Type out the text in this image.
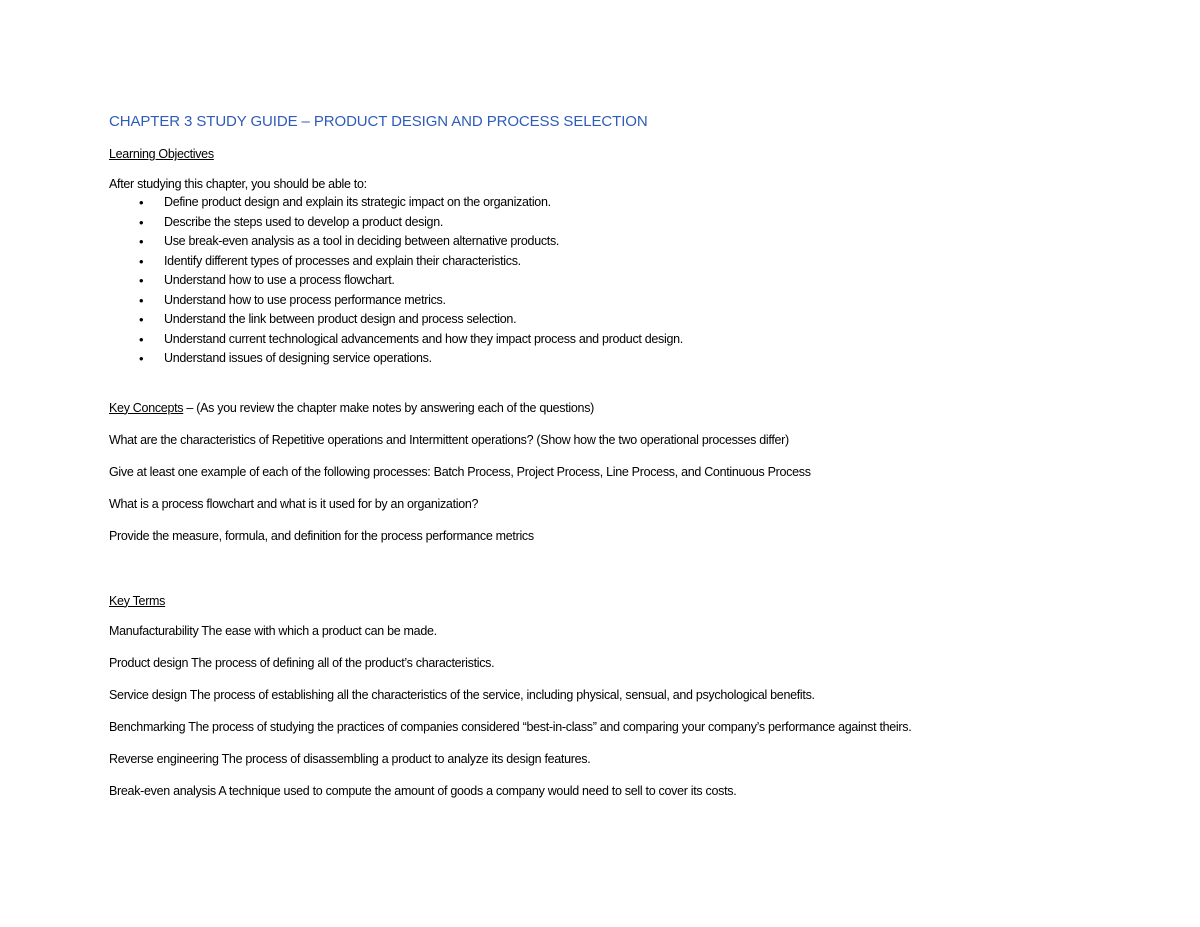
CHAPTER 3 STUDY GUIDE – PRODUCT DESIGN AND PROCESS SELECTION
Learning Objectives
After studying this chapter, you should be able to:
• Define product design and explain its strategic impact on the organization.
• Describe the steps used to develop a product design.
• Use break-even analysis as a tool in deciding between alternative products.
• Identify different types of processes and explain their characteristics.
• Understand how to use a process flowchart.
• Understand how to use process performance metrics.
• Understand the link between product design and process selection.
• Understand current technological advancements and how they impact process and product design.
• Understand issues of designing service operations.
Key Concepts – (As you review the chapter make notes by answering each of the questions)
What are the characteristics of Repetitive operations and Intermittent operations? (Show how the two operational processes differ)
Give at least one example of each of the following processes: Batch Process, Project Process, Line Process, and Continuous Process
What is a process flowchart and what is it used for by an organization?
Provide the measure, formula, and definition for the process performance metrics
Key Terms
Manufacturability The ease with which a product can be made.
Product design The process of defining all of the product’s characteristics.
Service design The process of establishing all the characteristics of the service, including physical, sensual, and psychological benefits.
Benchmarking The process of studying the practices of companies considered “best-in-class” and comparing your company’s performance against theirs.
Reverse engineering The process of disassembling a product to analyze its design features.
Break-even analysis A technique used to compute the amount of goods a company would need to sell to cover its costs.
